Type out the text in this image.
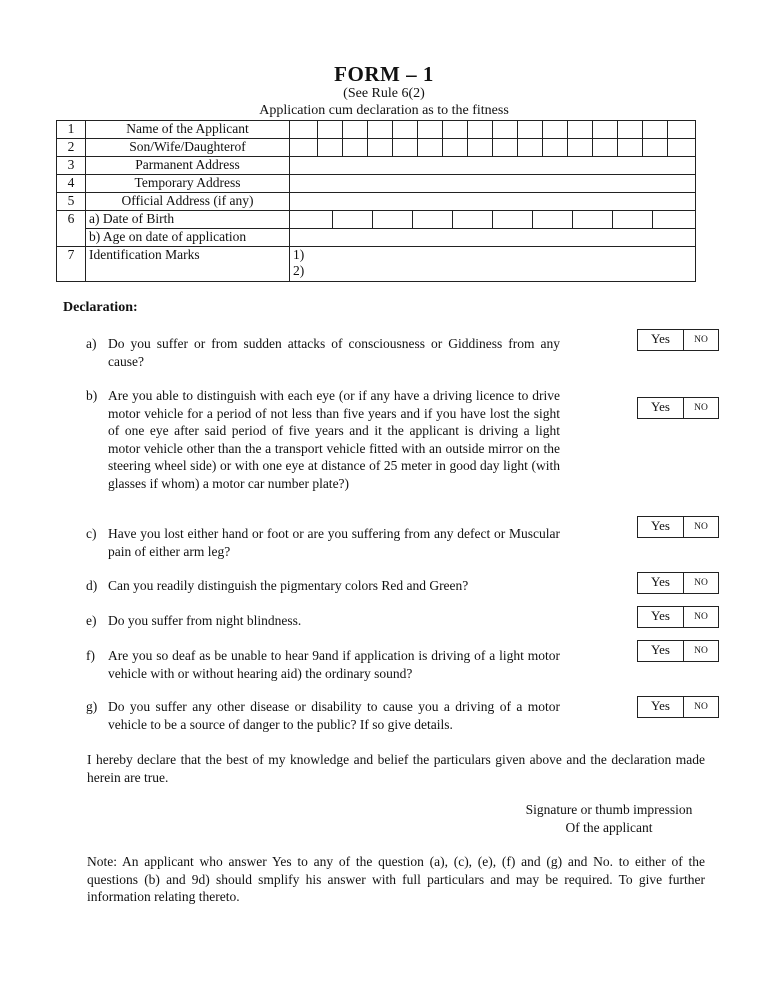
FORM – 1
(See Rule 6(2)
Application cum declaration as to the fitness
1	Name of the Applicant	

2	Son/Wife/Daughterof	

3	Parmanent Address	
4	Temporary Address	
5	Official Address (if any)	
6	a) Date of Birth	

	b) Age on date of application	
7	Identification Marks	1)
2)
Declaration:
a) Do you suffer or from sudden attacks of consciousness or Giddiness from any cause?
Yes	NO
b) Are you able to distinguish with each eye (or if any have a driving licence to drive motor vehicle for a period of not less than five years and if you have lost the sight of one eye after said period of five years and it the applicant is driving a light motor vehicle other than the a transport vehicle fitted with an outside mirror on the steering wheel side) or with one eye at distance of 25 meter in good day light (with glasses if whom) a motor car number plate?)
Yes	NO
c) Have you lost either hand or foot or are you suffering from any defect or Muscular pain of either arm leg?
Yes	NO
d) Can you readily distinguish the pigmentary colors Red and Green?	Yes	NO
e) Do you suffer from night blindness.	Yes	NO
f) Are you so deaf as be unable to hear 9and if application is driving of a light motor vehicle with or without hearing aid) the ordinary sound?
Yes	NO
g) Do you suffer any other disease or disability to cause you a driving of a motor vehicle to be a source of danger to the public? If so give details.
Yes	NO
I hereby declare that the best of my knowledge and belief the particulars given above and the declaration made herein are true.
Signature or thumb impression
Of the applicant
Note: An applicant who answer Yes to any of the question (a), (c), (e), (f) and (g) and No. to either of the questions (b) and 9d) should smplify his answer with full particulars and may be required. To give further information relating thereto.
